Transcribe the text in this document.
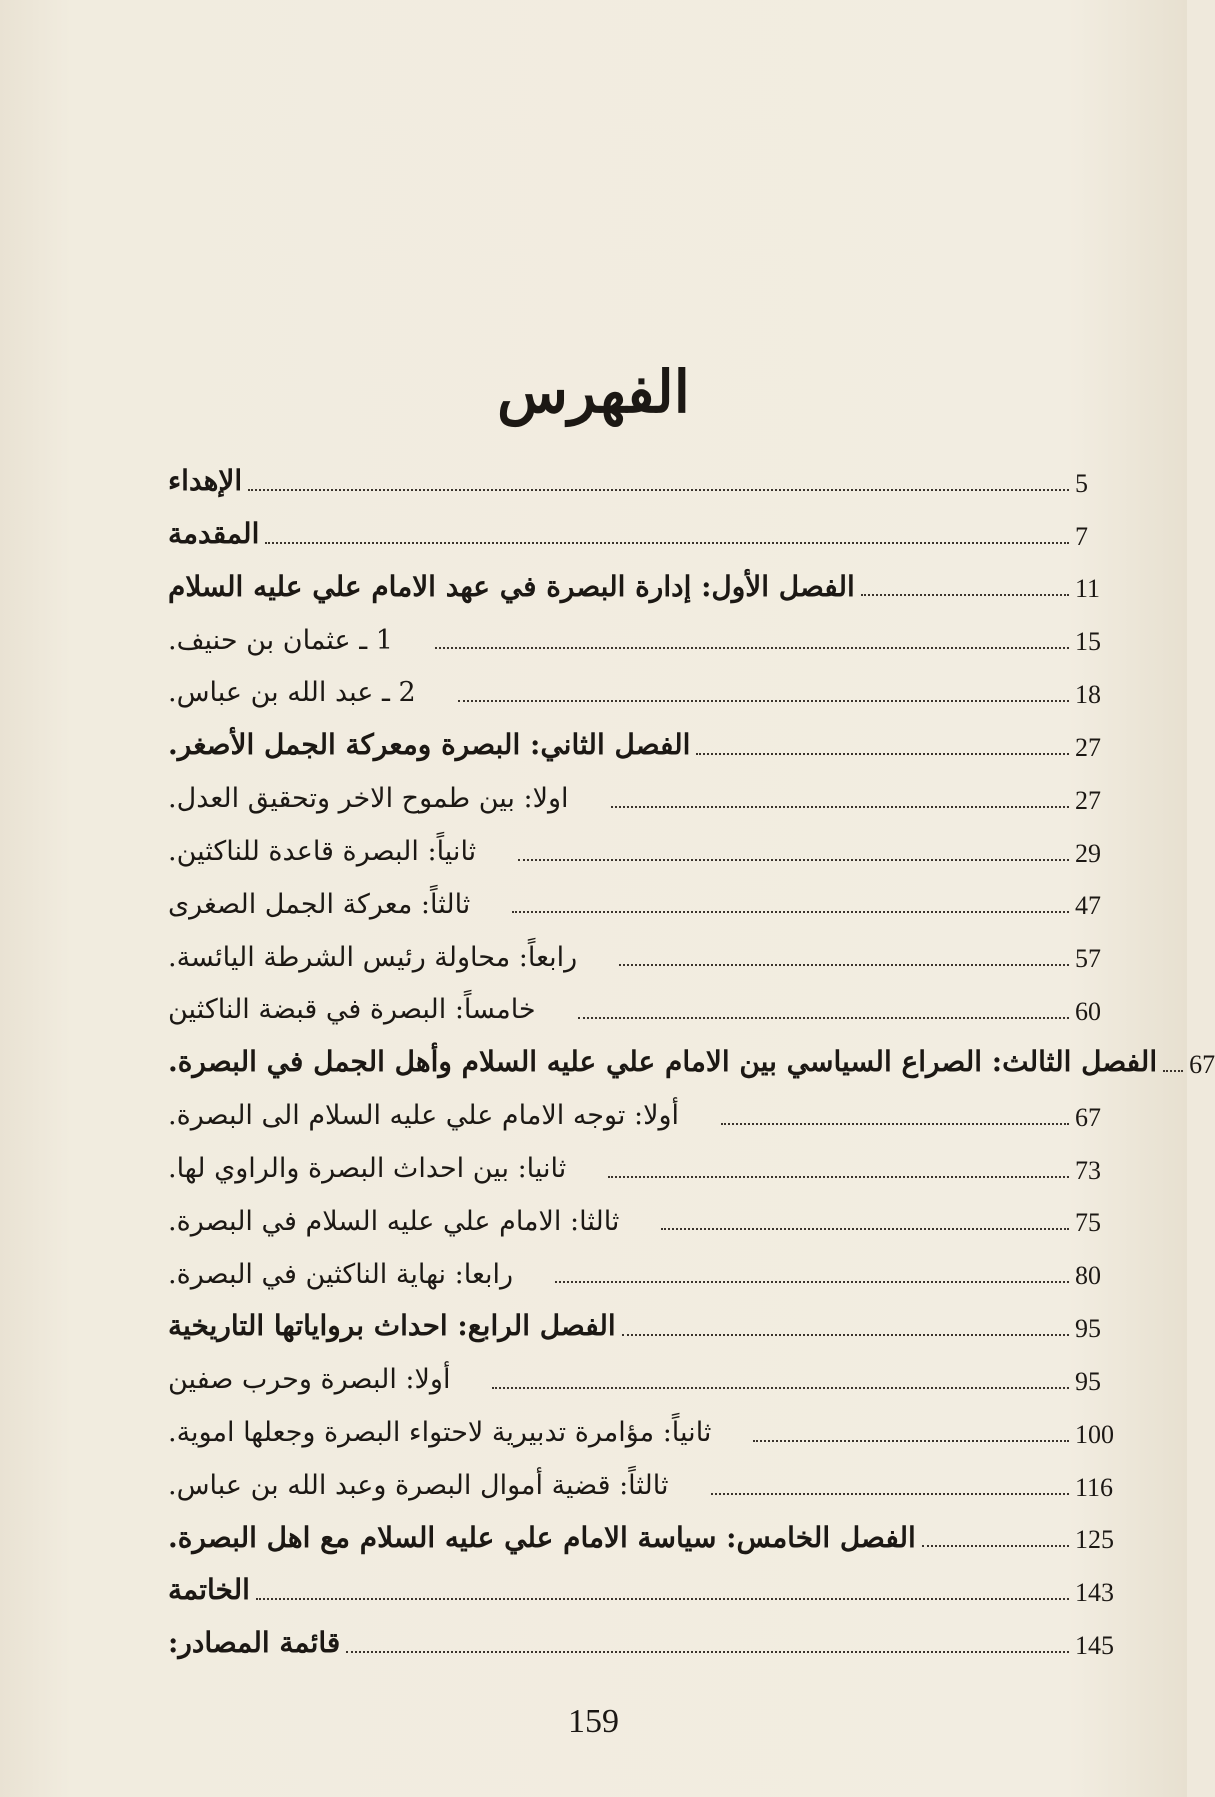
الفهرس
الإهداء	5
المقدمة	7
الفصل الأول: إدارة البصرة في عهد الامام علي عليه السلام	11
1 ـ عثمان بن حنيف.	15
2 ـ عبد الله بن عباس.	18
الفصل الثاني: البصرة ومعركة الجمل الأصغر.	27
اولا: بين طموح الاخر وتحقيق العدل.	27
ثانياً: البصرة قاعدة للناكثين.	29
ثالثاً: معركة الجمل الصغرى	47
رابعاً: محاولة رئيس الشرطة اليائسة.	57
خامساً: البصرة في قبضة الناكثين	60
الفصل الثالث: الصراع السياسي بين الامام علي عليه السلام وأهل الجمل في البصرة. 67
أولا: توجه الامام علي عليه السلام الى البصرة.	67
ثانيا: بين احداث البصرة والراوي لها.	73
ثالثا: الامام علي عليه السلام في البصرة.	75
رابعا: نهاية الناكثين في البصرة.	80
الفصل الرابع: احداث برواياتها التاريخية	95
أولا: البصرة وحرب صفين	95
ثانياً: مؤامرة تدبيرية لاحتواء البصرة وجعلها اموية.	100
ثالثاً: قضية أموال البصرة وعبد الله بن عباس.	116
الفصل الخامس: سياسة الامام علي عليه السلام مع اهل البصرة.	125
الخاتمة	143
قائمة المصادر:	145
159
